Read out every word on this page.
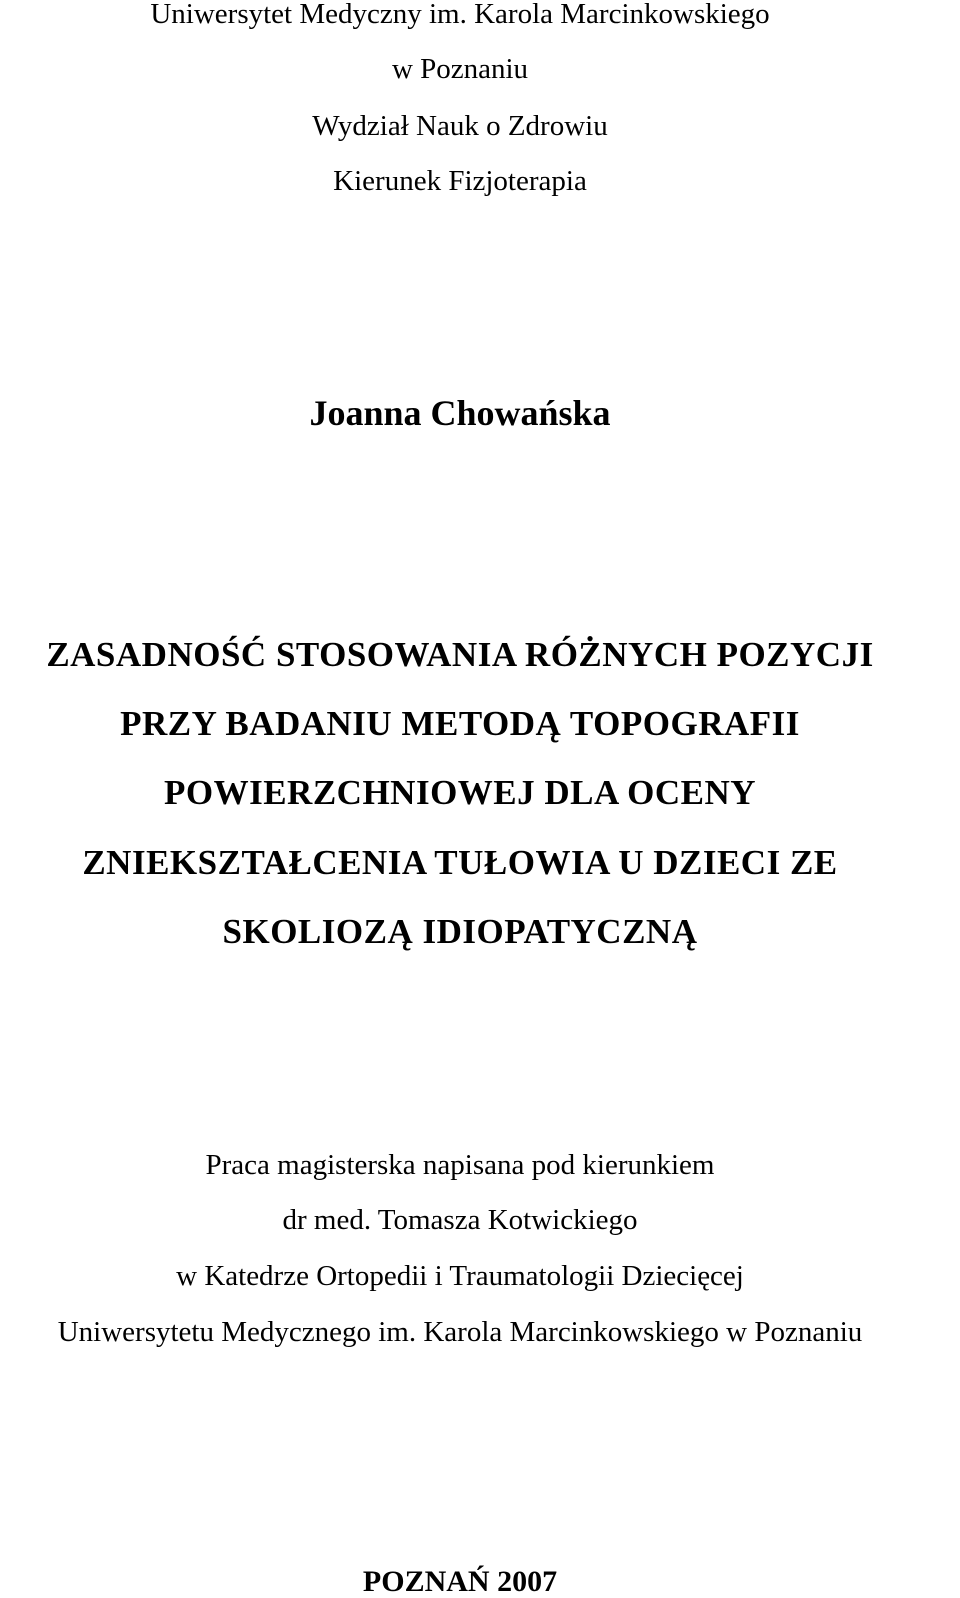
Uniwersytet Medyczny im. Karola Marcinkowskiego
w Poznaniu
Wydział Nauk o Zdrowiu
Kierunek Fizjoterapia
Joanna Chowańska
ZASADNOŚĆ STOSOWANIA RÓŻNYCH POZYCJI
PRZY BADANIU METODĄ TOPOGRAFII
POWIERZCHNIOWEJ DLA OCENY
ZNIEKSZTAŁCENIA TUŁOWIA U DZIECI ZE
SKOLIOZĄ IDIOPATYCZNĄ
Praca magisterska napisana pod kierunkiem
dr med. Tomasza Kotwickiego
w Katedrze Ortopedii i Traumatologii Dziecięcej
Uniwersytetu Medycznego im. Karola Marcinkowskiego w Poznaniu
POZNAŃ 2007
